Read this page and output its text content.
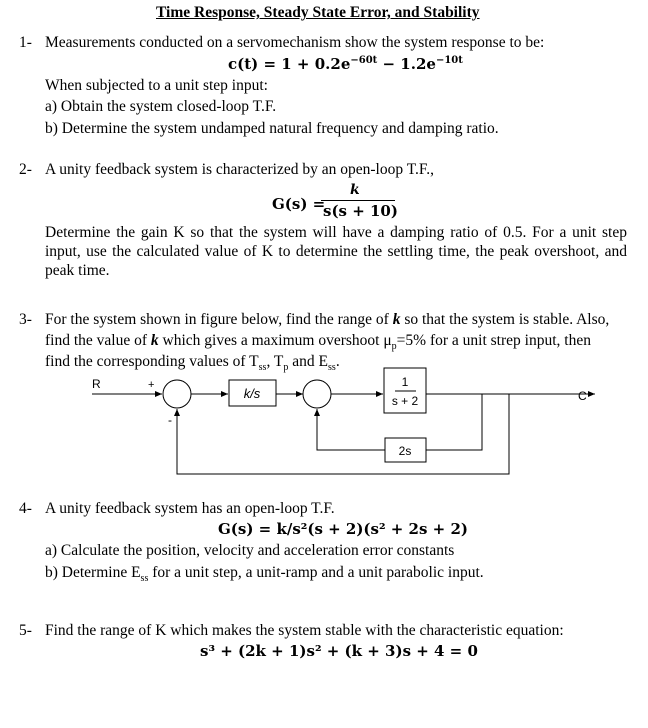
Time Response, Steady State Error, and Stability
1- Measurements conducted on a servomechanism show the system response to be:
$c(t) = 1 + 0.2e^{-60t} - 1.2e^{-10t}$
When subjected to a unit step input:
a) Obtain the system closed-loop T.F.
b) Determine the system undamped natural frequency and damping ratio.
2- A unity feedback system is characterized by an open-loop T.F.,
G(s) =
k
s(s + 10)
Determine the gain K so that the system will have a damping ratio of 0.5. For a unit step input, use the calculated value of K to determine the settling time, the peak overshoot, and peak time.
3- For the system shown in figure below, find the range of k so that the system is stable. Also,
find the value of k which gives a maximum overshoot $\mu_p=5\%$ for a unit strep input, then
find the corresponding values of $T_{ss}$, $T_p$ and $E_{ss}$.
R	+
-
k/s
1
s + 2
2s
C
4- A unity feedback system has an open-loop T.F.
G(s) = k/s²(s + 2)(s² + 2s + 2)
a) Calculate the position, velocity and acceleration error constants
b) Determine $E_{ss}$ for a unit step, a unit-ramp and a unit parabolic input.
5- Find the range of K which makes the system stable with the characteristic equation:
s³ + (2k + 1)s² + (k + 3)s + 4 = 0
